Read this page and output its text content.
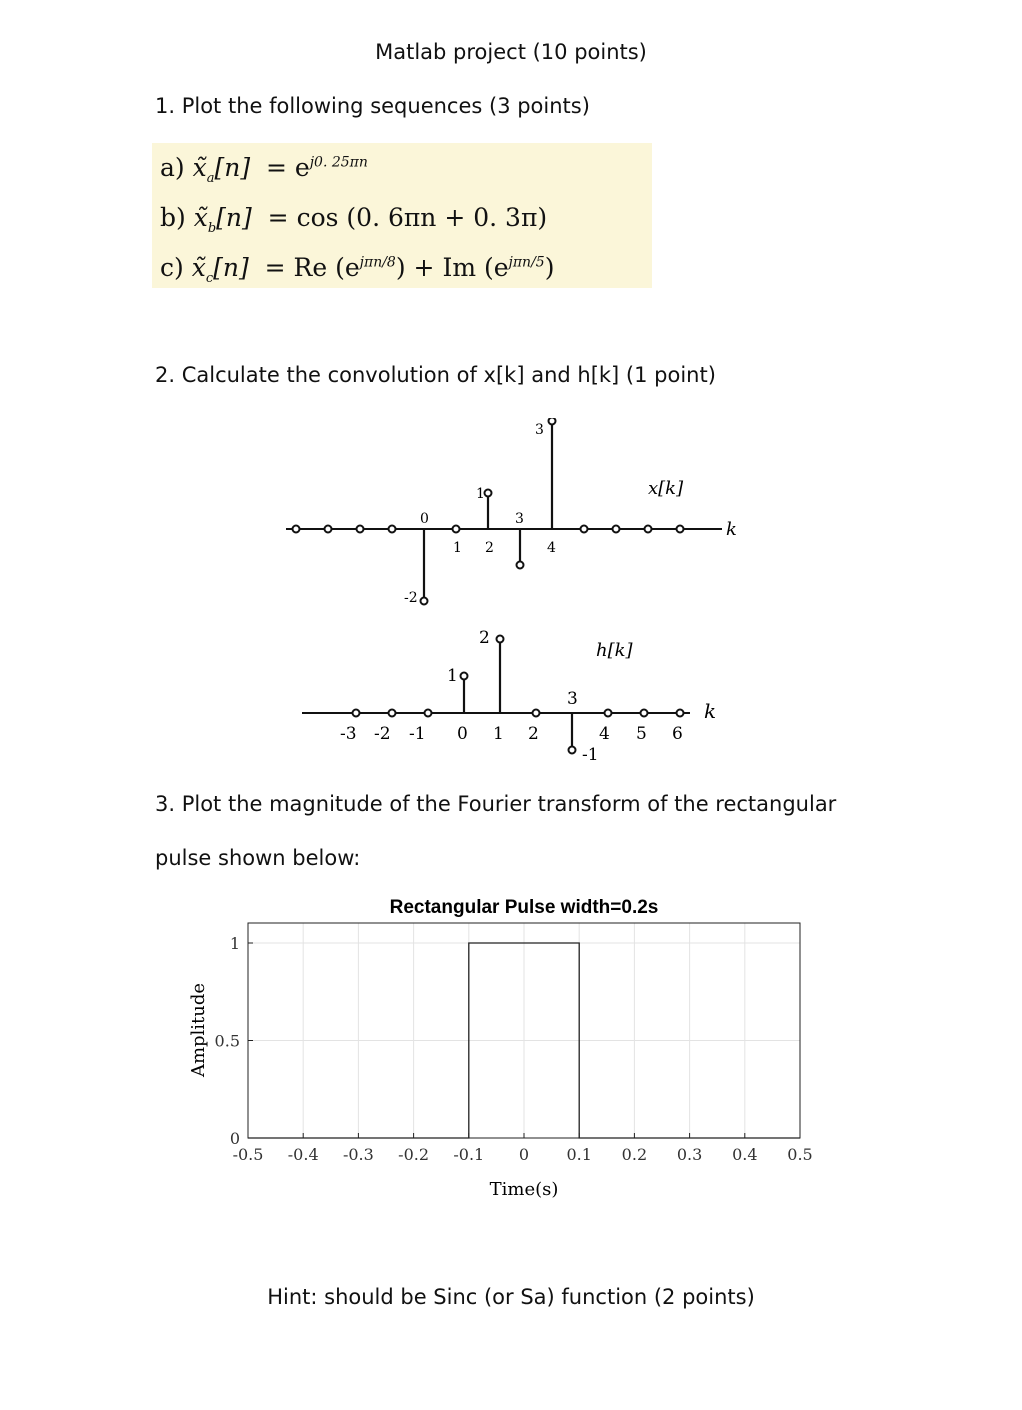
Matlab project (10 points)
1. Plot the following sequences (3 points)
a) $x̃_a[n] = e^{j0. 25\pi n}$
b) $x̃_b[n] = \cos (0$. 6πn + 0. 3π)
c) $x̃_c[n] = Re$ $(e^{j\pi n/8}) + Im$ $(e^{j\pi n/5})$
2. Calculate the convolution of x[k] and h[k] (1 point)
k
x[k]
0
1 2
3
4
-2
1
3
k
h[k]
-3 -2 -1 0 1 2	4 5 6
2
1
3
-1
3. Plot the magnitude of the Fourier transform of the rectangular
pulse shown below:
-0.5 -0.4 -0.3 -0.2 -0.1 0 0.1 0.2 0.3 0.4 0.5
0
0.5
1
Rectangular Pulse width=0.2s
Time(s)
Amplitude
Hint: should be Sinc (or Sa) function (2 points)
